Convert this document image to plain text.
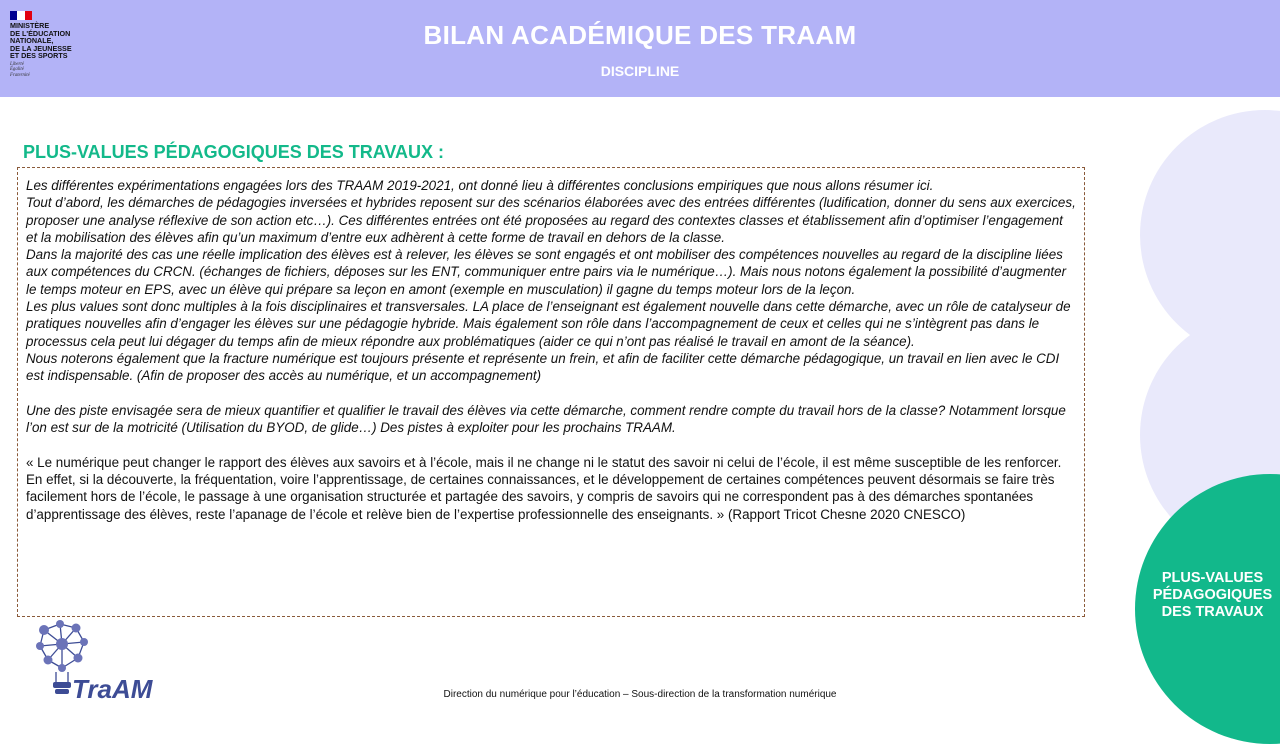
MINISTÈRE
DE L'ÉDUCATION
NATIONALE,
DE LA JEUNESSE
ET DES SPORTS
Liberté
Égalité
Fraternité
BILAN ACADÉMIQUE DES TRAAM
DISCIPLINE
PLUS-VALUES
PÉDAGOGIQUES
DES TRAVAUX
PLUS-VALUES PÉDAGOGIQUES DES TRAVAUX :

Les différentes expérimentations engagées lors des TRAAM 2019-2021, ont donné lieu à différentes conclusions empiriques que nous allons résumer ici.

Tout d’abord, les démarches de pédagogies inversées et hybrides reposent sur des scénarios élaborées avec des entrées différentes (ludification, donner du sens aux exercices, proposer une analyse réflexive de son action etc…). Ces différentes entrées ont été proposées au regard des contextes classes et établissement afin d’optimiser l’engagement et la mobilisation des élèves afin qu’un maximum d’entre eux adhèrent à cette forme de travail en dehors de la classe.

Dans la majorité des cas une réelle implication des élèves est à relever, les élèves se sont engagés et ont mobiliser des compétences nouvelles au regard de la discipline liées aux compétences du CRCN. (échanges de fichiers, déposes sur les ENT, communiquer entre pairs via le numérique…). Mais nous notons également la possibilité d’augmenter le temps moteur en EPS, avec un élève qui prépare sa leçon en amont (exemple en musculation) il gagne du temps moteur lors de la leçon.

Les plus values sont donc multiples à la fois disciplinaires et transversales. LA place de l’enseignant est également nouvelle dans cette démarche, avec un rôle de catalyseur de pratiques nouvelles afin d’engager les élèves sur une pédagogie hybride. Mais également son rôle dans l’accompagnement de ceux et celles qui ne s’intègrent pas dans le processus cela peut lui dégager du temps afin de mieux répondre aux problématiques (aider ce qui n’ont pas réalisé le travail en amont de la séance).

Nous noterons également que la fracture numérique est toujours présente et représente un frein, et afin de faciliter cette démarche pédagogique, un travail en lien avec le CDI est indispensable. (Afin de proposer des accès au numérique, et un accompagnement)

Une des piste envisagée sera de mieux quantifier et qualifier le travail des élèves via cette démarche, comment rendre compte du travail hors de la classe? Notamment lorsque l’on est sur de la motricité (Utilisation du BYOD, de glide…) Des pistes à exploiter pour les prochains TRAAM.

« Le numérique peut changer le rapport des élèves aux savoirs et à l’école, mais il ne change ni le statut des savoir ni celui de l’école, il est même susceptible de les renforcer. En effet, si la découverte, la fréquentation, voire l’apprentissage, de certaines connaissances, et le développement de certaines compétences peuvent désormais se faire très facilement hors de l’école, le passage à une organisation structurée et partagée des savoirs, y compris de savoirs qui ne correspondent pas à des démarches spontanées d’apprentissage des élèves, reste l’apanage de l’école et relève bien de l’expertise professionnelle des enseignants. » (Rapport Tricot Chesne 2020 CNESCO)

TraAM	Direction du numérique pour l’éducation – Sous-direction de la transformation numérique
